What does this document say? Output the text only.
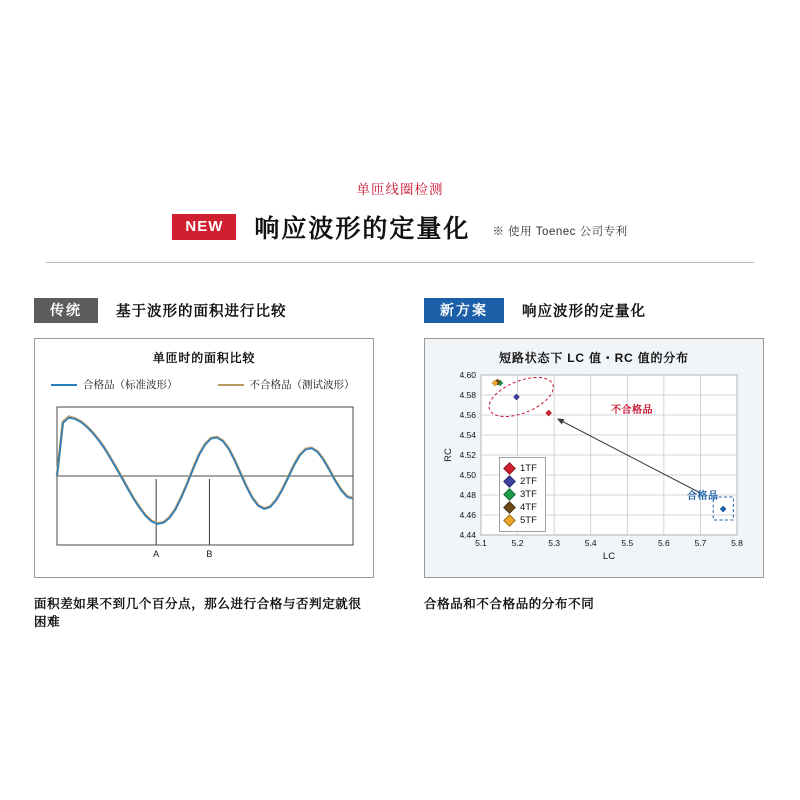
单匝线圈检测
NEW	响应波形的定量化 ※ 使用 Toenec 公司专利
传统	基于波形的面积进行比较
单匝时的面积比较
合格品（标准波形）	不合格品（测试波形）
A	B
面积差如果不到几个百分点，那么进行合格与否判定就很困难
新方案	响应波形的定量化
短路状态下 LC 值・RC 值的分布
5.1	5.2	5.3	5.4	5.5	5.6	5.7	5.8
4.44
4.46
4.48
4.50
4.52
4.54
4.56
4.58
4.60
LC
RC
1TF
2TF
3TF
4TF
5TF
不合格品
合格品
合格品和不合格品的分布不同
